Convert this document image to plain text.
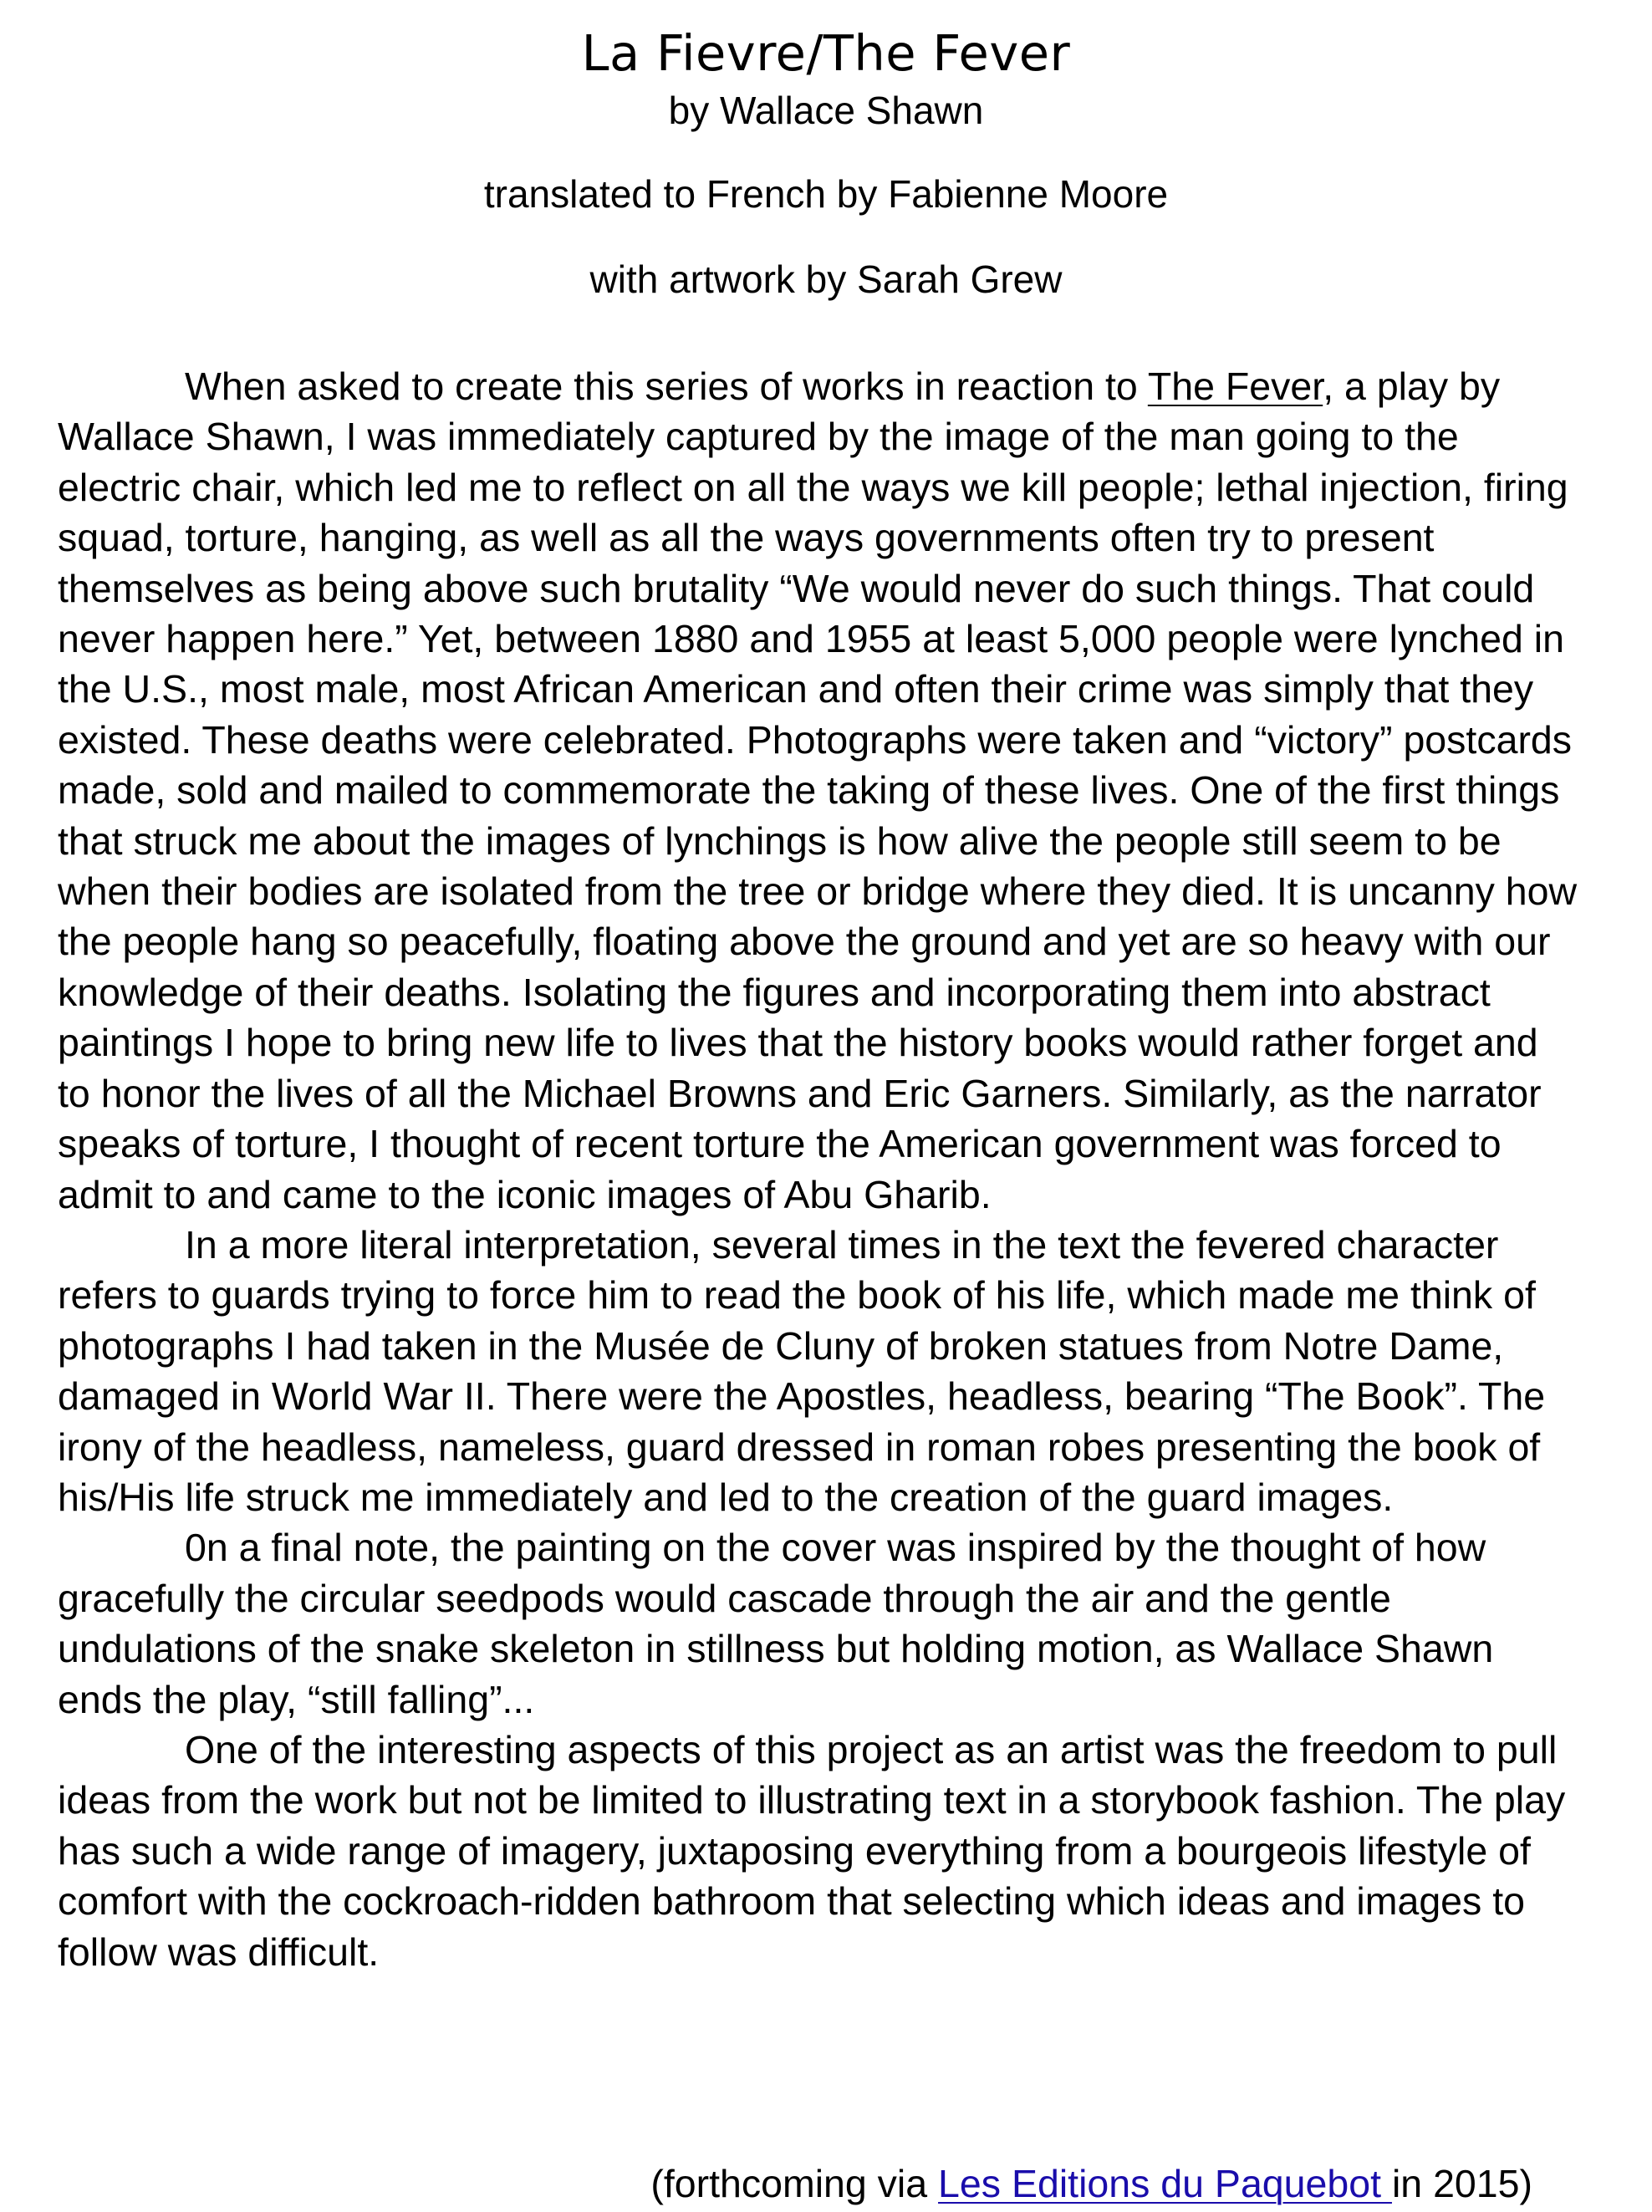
La Fievre/The Fever
by Wallace Shawn
translated to French by Fabienne Moore
with artwork by Sarah Grew

When asked to create this series of works in reaction to The Fever, a play by Wallace Shawn, I was immediately captured by the image of the man going to the electric chair, which led me to reflect on all the ways we kill people; lethal injection, firing squad, torture, hanging, as well as all the ways governments often try to present themselves as being above such brutality “We would never do such things. That could never happen here.” Yet, between 1880 and 1955 at least 5,000 people were lynched in the U.S., most male, most African American and often their crime was simply that they existed. These deaths were celebrated. Photographs were taken and “victory” postcards made, sold and mailed to commemorate the taking of these lives. One of the first things that struck me about the images of lynchings is how alive the people still seem to be when their bodies are isolated from the tree or bridge where they died. It is uncanny how the people hang so peacefully, floating above the ground and yet are so heavy with our knowledge of their deaths. Isolating the figures and incorporating them into abstract paintings I hope to bring new life to lives that the history books would rather forget and to honor the lives of all the Michael Browns and Eric Garners. Similarly, as the narrator speaks of torture, I thought of recent torture the American government was forced to admit to and came to the iconic images of Abu Gharib.

In a more literal interpretation, several times in the text the fevered character refers to guards trying to force him to read the book of his life, which made me think of photographs I had taken in the Musée de Cluny of broken statues from Notre Dame, damaged in World War II. There were the Apostles, headless, bearing “The Book”. The irony of the headless, nameless, guard dressed in roman robes presenting the book of his/His life struck me immediately and led to the creation of the guard images.

0n a final note, the painting on the cover was inspired by the thought of how gracefully the circular seedpods would cascade through the air and the gentle undulations of the snake skeleton in stillness but holding motion, as Wallace Shawn ends the play, “still falling”...

One of the interesting aspects of this project as an artist was the freedom to pull ideas from the work but not be limited to illustrating text in a storybook fashion. The play has such a wide range of imagery, juxtaposing everything from a bourgeois lifestyle of comfort with the cockroach-ridden bathroom that selecting which ideas and images to follow was difficult.

(forthcoming via Les Editions du Paquebot in 2015)
